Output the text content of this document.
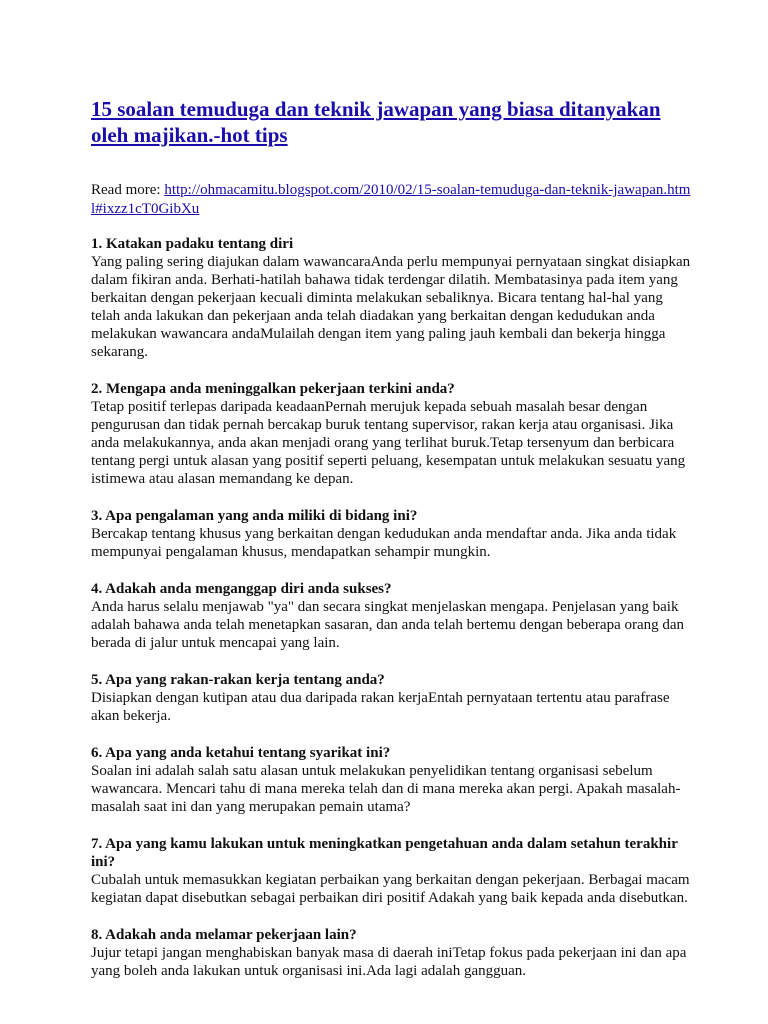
15 soalan temuduga dan teknik jawapan yang biasa ditanyakan oleh majikan.-hot tips
Read more: http://ohmacamitu.blogspot.com/2010/02/15-soalan-temuduga-dan-teknik-jawapan.html#ixzz1cT0GibXu
1. Katakan padaku tentang diri

Yang paling sering diajukan dalam wawancaraAnda perlu mempunyai pernyataan singkat disiapkan dalam fikiran anda. Berhati-hatilah bahawa tidak terdengar dilatih. Membatasinya pada item yang berkaitan dengan pekerjaan kecuali diminta melakukan sebaliknya. Bicara tentang hal-hal yang telah anda lakukan dan pekerjaan anda telah diadakan yang berkaitan dengan kedudukan anda melakukan wawancara andaMulailah dengan item yang paling jauh kembali dan bekerja hingga sekarang.

2. Mengapa anda meninggalkan pekerjaan terkini anda?

Tetap positif terlepas daripada keadaanPernah merujuk kepada sebuah masalah besar dengan pengurusan dan tidak pernah bercakap buruk tentang supervisor, rakan kerja atau organisasi. Jika anda melakukannya, anda akan menjadi orang yang terlihat buruk.Tetap tersenyum dan berbicara tentang pergi untuk alasan yang positif seperti peluang, kesempatan untuk melakukan sesuatu yang istimewa atau alasan memandang ke depan.

3. Apa pengalaman yang anda miliki di bidang ini?

Bercakap tentang khusus yang berkaitan dengan kedudukan anda mendaftar anda. Jika anda tidak mempunyai pengalaman khusus, mendapatkan sehampir mungkin.

4. Adakah anda menganggap diri anda sukses?

Anda harus selalu menjawab "ya" dan secara singkat menjelaskan mengapa. Penjelasan yang baik adalah bahawa anda telah menetapkan sasaran, dan anda telah bertemu dengan beberapa orang dan berada di jalur untuk mencapai yang lain.

5. Apa yang rakan-rakan kerja tentang anda?

Disiapkan dengan kutipan atau dua daripada rakan kerjaEntah pernyataan tertentu atau parafrase akan bekerja.

6. Apa yang anda ketahui tentang syarikat ini?

Soalan ini adalah salah satu alasan untuk melakukan penyelidikan tentang organisasi sebelum wawancara. Mencari tahu di mana mereka telah dan di mana mereka akan pergi. Apakah masalah-masalah saat ini dan yang merupakan pemain utama?

7. Apa yang kamu lakukan untuk meningkatkan pengetahuan anda dalam setahun terakhir ini?

Cubalah untuk memasukkan kegiatan perbaikan yang berkaitan dengan pekerjaan. Berbagai macam kegiatan dapat disebutkan sebagai perbaikan diri positif Adakah yang baik kepada anda disebutkan.

8. Adakah anda melamar pekerjaan lain?

Jujur tetapi jangan menghabiskan banyak masa di daerah iniTetap fokus pada pekerjaan ini dan apa yang boleh anda lakukan untuk organisasi ini.Ada lagi adalah gangguan.
